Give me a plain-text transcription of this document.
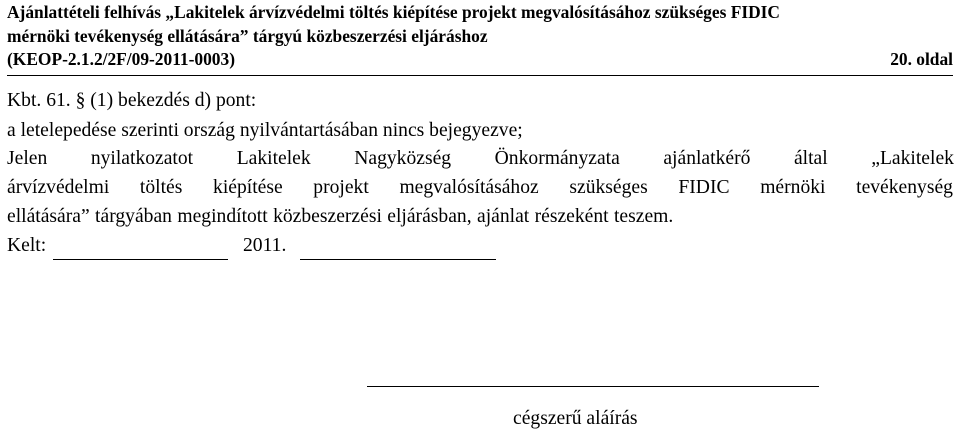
Ajánlattételi felhívás „Lakitelek árvízvédelmi töltés kiépítése projekt megvalósításához szükséges FIDIC
mérnöki tevékenység ellátására” tárgyú közbeszerzési eljáráshoz
(KEOP-2.1.2/2F/09-2011-0003)	20. oldal
Kbt. 61. § (1) bekezdés d) pont:
a letelepedése szerinti ország nyilvántartásában nincs bejegyezve;
Jelen nyilatkozatot Lakitelek Nagyközség Önkormányzata ajánlatkérő által „Lakitelek
árvízvédelmi töltés kiépítése projekt megvalósításához szükséges FIDIC mérnöki tevékenység
ellátására” tárgyában megindított közbeszerzési eljárásban, ajánlat részeként teszem.
Kelt:	2011.
cégszerű aláírás
